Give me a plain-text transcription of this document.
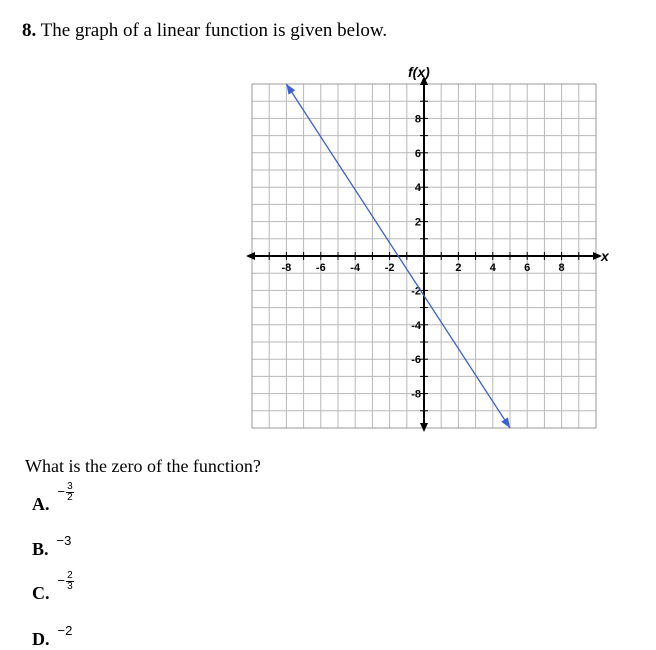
8. The graph of a linear function is given below.
-8 -6 -4 -2	2	4	6	8
8
6
4
2
-2
-4
-6
-8
f(x)
x
What is the zero of the function?
$A.- \frac{3}{2}$
B. −3
$C.- \frac{2}{3}$
D. −2
